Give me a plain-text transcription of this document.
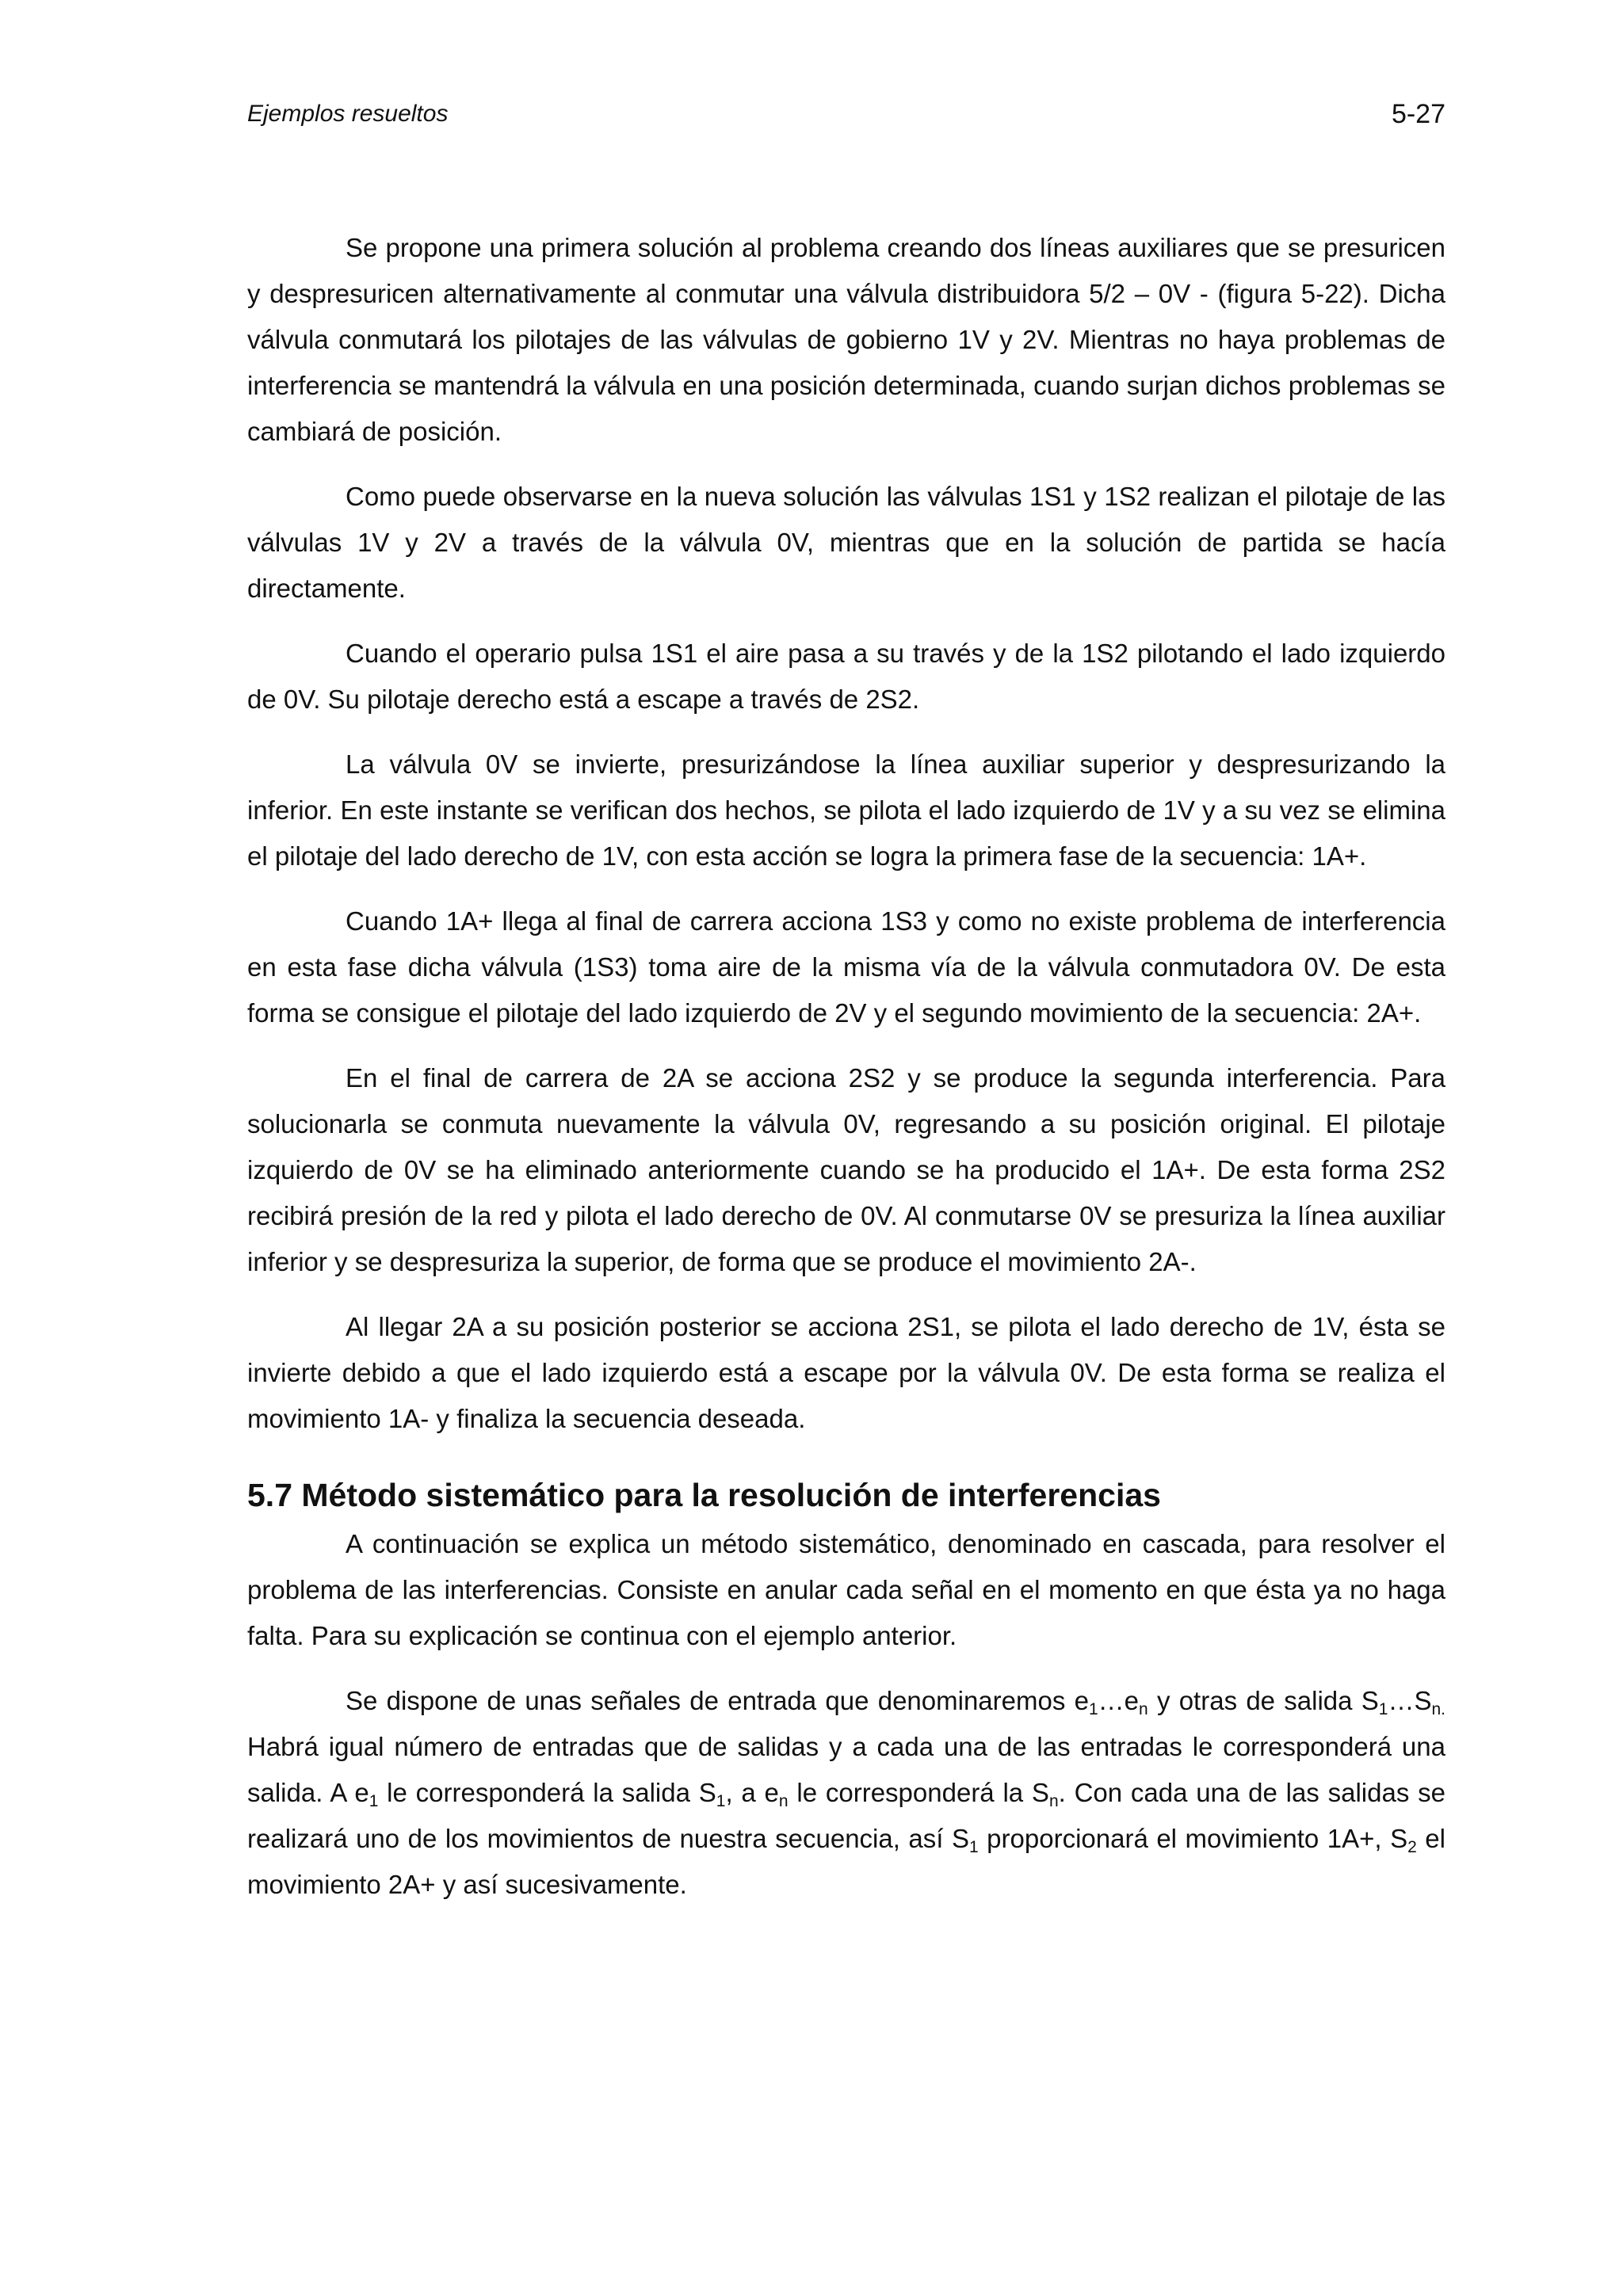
Ejemplos resueltos	5-27

Se propone una primera solución al problema creando dos líneas auxiliares que se presuricen y despresuricen alternativamente al conmutar una válvula distribuidora 5/2 – 0V - (figura 5-22). Dicha válvula conmutará los pilotajes de las válvulas de gobierno 1V y 2V. Mientras no haya problemas de interferencia se mantendrá la válvula en una posición determinada, cuando surjan dichos problemas se cambiará de posición.

Como puede observarse en la nueva solución las válvulas 1S1 y 1S2 realizan el pilotaje de las válvulas 1V y 2V a través de la válvula 0V, mientras que en la solución de partida se hacía directamente.

Cuando el operario pulsa 1S1 el aire pasa a su través y de la 1S2 pilotando el lado izquierdo de 0V. Su pilotaje derecho está a escape a través de 2S2.

La válvula 0V se invierte, presurizándose la línea auxiliar superior y despresurizando la inferior. En este instante se verifican dos hechos, se pilota el lado izquierdo de 1V y a su vez se elimina el pilotaje del lado derecho de 1V, con esta acción se logra la primera fase de la secuencia: 1A+.

Cuando 1A+ llega al final de carrera acciona 1S3 y como no existe problema de interferencia en esta fase dicha válvula (1S3) toma aire de la misma vía de la válvula conmutadora 0V. De esta forma se consigue el pilotaje del lado izquierdo de 2V y el segundo movimiento de la secuencia: 2A+.

En el final de carrera de 2A se acciona 2S2 y se produce la segunda interferencia. Para solucionarla se conmuta nuevamente la válvula 0V, regresando a su posición original. El pilotaje izquierdo de 0V se ha eliminado anteriormente cuando se ha producido el 1A+. De esta forma 2S2 recibirá presión de la red y pilota el lado derecho de 0V. Al conmutarse 0V se presuriza la línea auxiliar inferior y se despresuriza la superior, de forma que se produce el movimiento 2A-.

Al llegar 2A a su posición posterior se acciona 2S1, se pilota el lado derecho de 1V, ésta se invierte debido a que el lado izquierdo está a escape por la válvula 0V. De esta forma se realiza el movimiento 1A- y finaliza la secuencia deseada.

5.7 Método sistemático para la resolución de interferencias

A continuación se explica un método sistemático, denominado en cascada, para resolver el problema de las interferencias. Consiste en anular cada señal en el momento en que ésta ya no haga falta. Para su explicación se continua con el ejemplo anterior.

Se dispone de unas señales de entrada que denominaremos $e_1\dots e_n$ y otras de salida $S_1\dots S_{n.}$ Habrá igual número de entradas que de salidas y a cada una de las entradas le corresponderá una salida. A $e_1$ le corresponderá la salida $S_1$, a $e_n$ le corresponderá la $S_n$. Con cada una de las salidas se realizará uno de los movimientos de nuestra secuencia, así $S_1$ proporcionará el movimiento 1A+, $S_2$ el movimiento 2A+ y así sucesivamente.
